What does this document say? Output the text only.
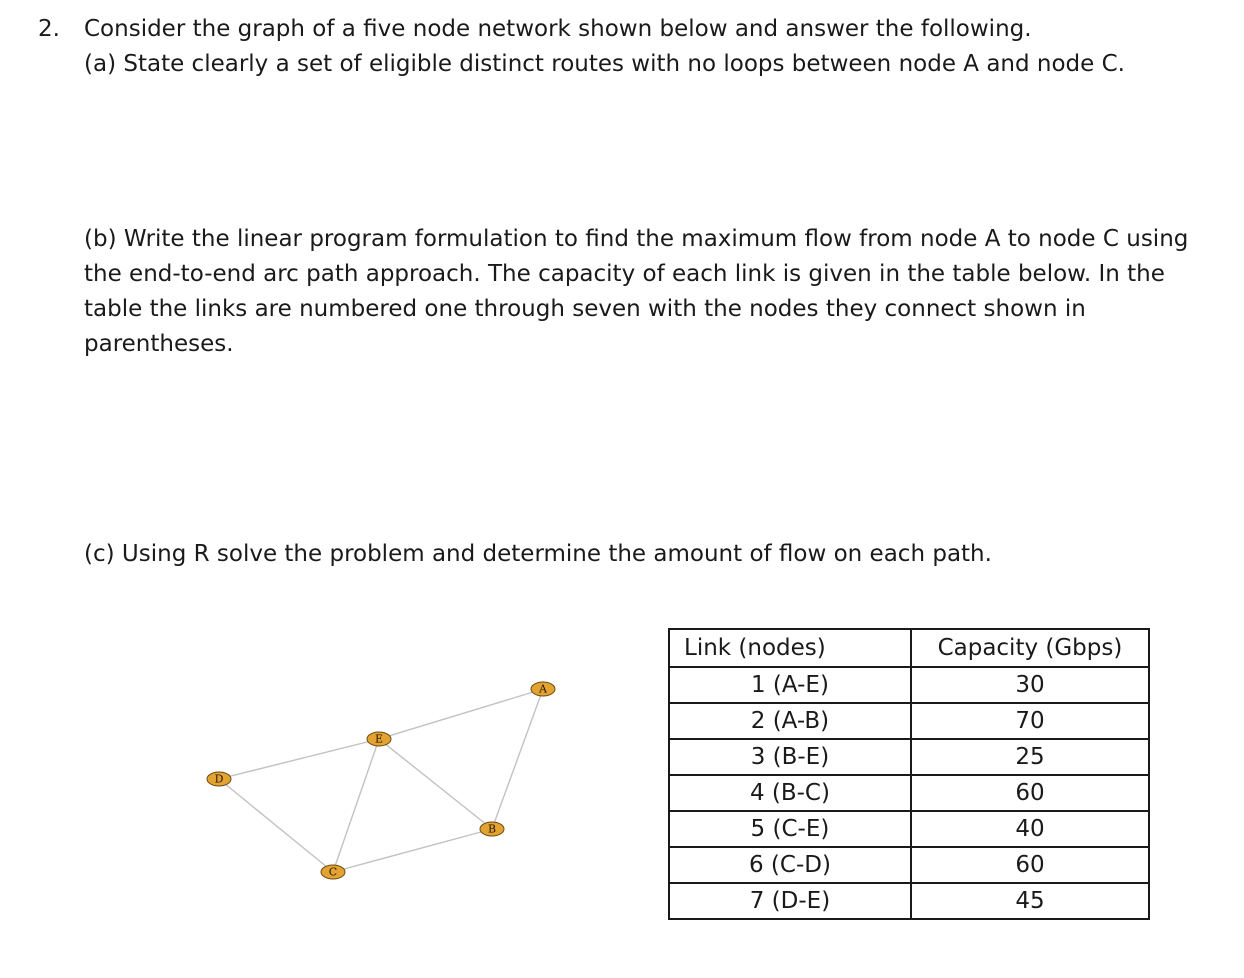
2. Consider the graph of a five node network shown below and answer the following.
(a) State clearly a set of eligible distinct routes with no loops between node A and node C.
(b) Write the linear program formulation to find the maximum flow from node A to node C using the end-to-end arc path approach. The capacity of each link is given in the table below. In the table the links are numbered one through seven with the nodes they connect shown in parentheses.
(c) Using R solve the problem and determine the amount of flow on each path.
A
B
C
D
E
Link (nodes)	Capacity (Gbps)
1 (A-E)	30
2 (A-B)	70
3 (B-E)	25
4 (B-C)	60
5 (C-E)	40
6 (C-D)	60
7 (D-E)	45
